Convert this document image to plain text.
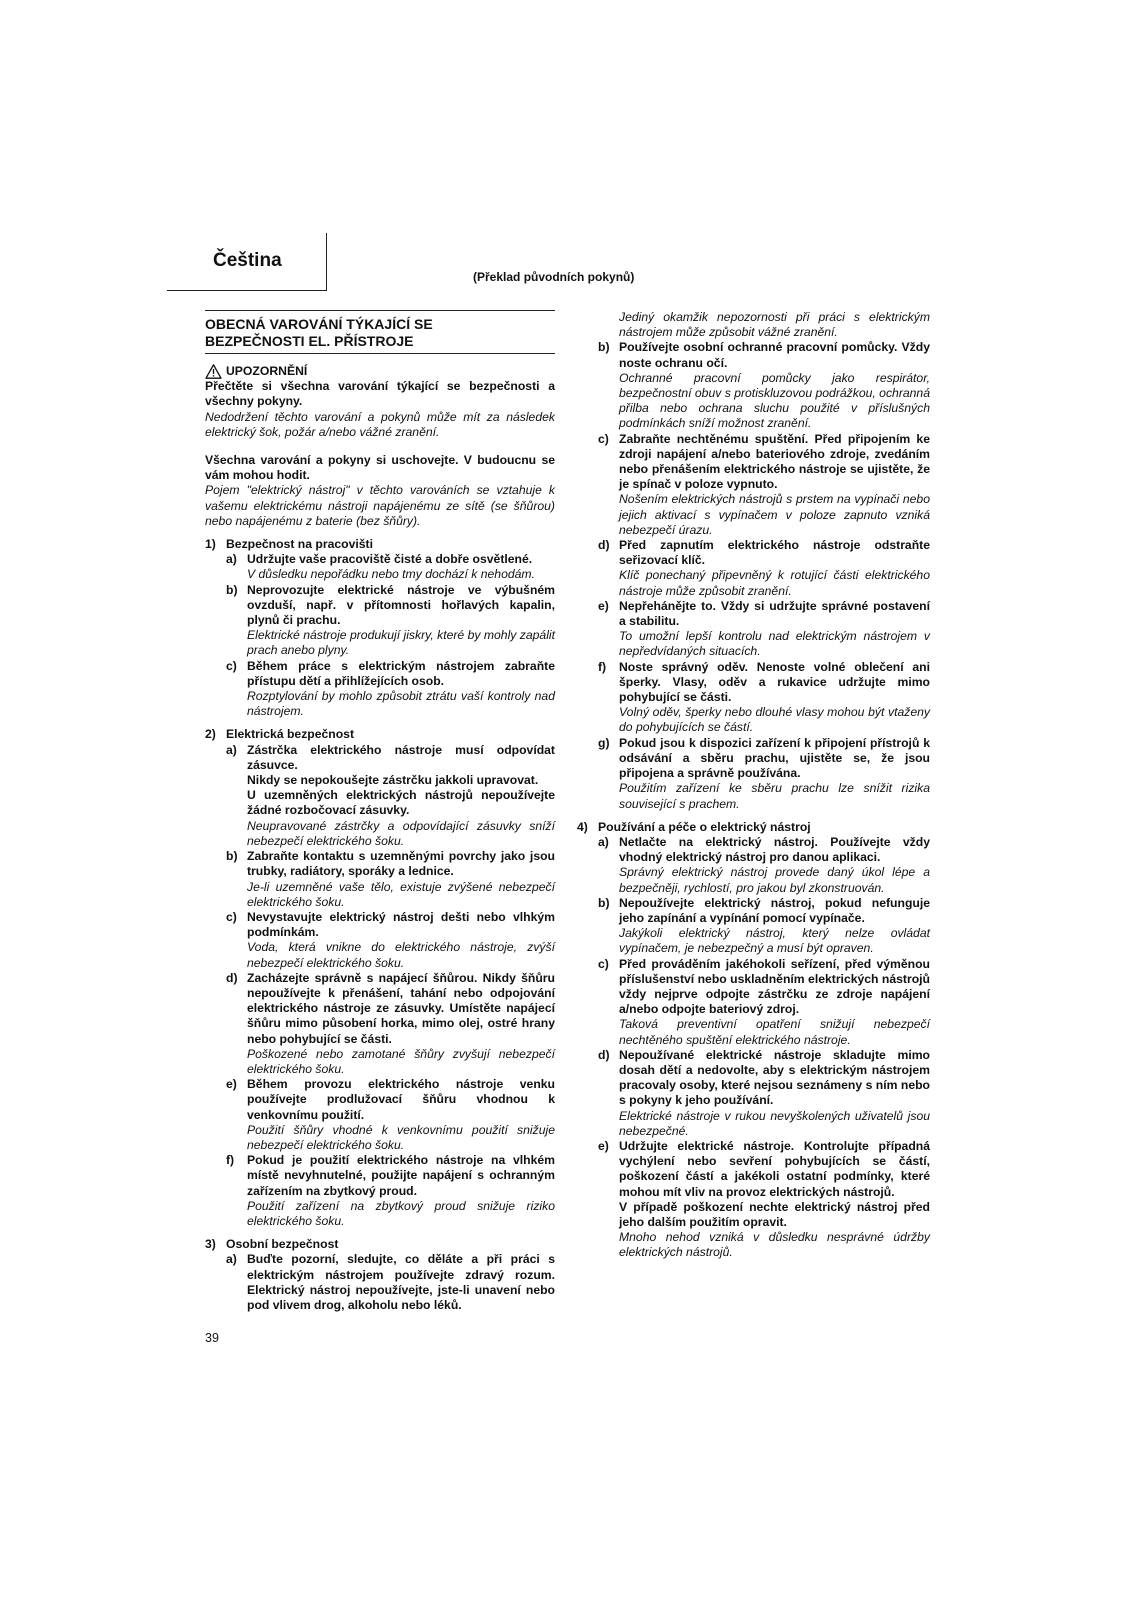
Čeština
(Překlad původních pokynů)
OBECNÁ VAROVÁNÍ TÝKAJÍCÍ SE
BEZPEČNOSTI EL. PŘÍSTROJE
UPOZORNĚNÍ
Přečtěte si všechna varování týkající se bezpečnosti a všechny pokyny.
Nedodržení těchto varování a pokynů může mít za následek elektrický šok, požár a/nebo vážné zranění.
Všechna varování a pokyny si uschovejte. V budoucnu se vám mohou hodit.
Pojem "elektrický nástroj" v těchto varováních se vztahuje k vašemu elektrickému nástroji napájenému ze sítě (se šňůrou) nebo napájenému z baterie (bez šňůry).
1) Bezpečnost na pracovišti
a) Udržujte vaše pracoviště čisté a dobře osvětlené.
V důsledku nepořádku nebo tmy dochází k nehodám.
b) Neprovozujte elektrické nástroje ve výbušném ovzduší, např. v přítomnosti hořlavých kapalin, plynů či prachu.
Elektrické nástroje produkují jiskry, které by mohly zapálit prach anebo plyny.
c) Během práce s elektrickým nástrojem zabraňte přístupu dětí a přihlížejících osob.
Rozptylování by mohlo způsobit ztrátu vaší kontroly nad nástrojem.
2) Elektrická bezpečnost
a) Zástrčka elektrického nástroje musí odpovídat zásuvce.
Nikdy se nepokoušejte zástrčku jakkoli upravovat.
U uzemněných elektrických nástrojů nepoužívejte žádné rozbočovací zásuvky.
Neupravované zástrčky a odpovídající zásuvky sníží nebezpečí elektrického šoku.
b) Zabraňte kontaktu s uzemněnými povrchy jako jsou trubky, radiátory, sporáky a lednice.
Je-li uzemněné vaše tělo, existuje zvýšené nebezpečí elektrického šoku.
c) Nevystavujte elektrický nástroj dešti nebo vlhkým podmínkám.
Voda, která vnikne do elektrického nástroje, zvýší nebezpečí elektrického šoku.
d) Zacházejte správně s napájecí šňůrou. Nikdy šňůru nepoužívejte k přenášení, tahání nebo odpojování elektrického nástroje ze zásuvky. Umístěte napájecí šňůru mimo působení horka, mimo olej, ostré hrany nebo pohybující se části.
Poškozené nebo zamotané šňůry zvyšují nebezpečí elektrického šoku.
e) Během provozu elektrického nástroje venku používejte prodlužovací šňůru vhodnou k venkovnímu použití.
Použití šňůry vhodné k venkovnímu použití snižuje nebezpečí elektrického šoku.
f)	Pokud je použití elektrického nástroje na vlhkém místě nevyhnutelné, použijte napájení s ochranným zařízením na zbytkový proud.
Použití zařízení na zbytkový proud snižuje riziko elektrického šoku.
3) Osobní bezpečnost
a) Buďte pozorní, sledujte, co děláte a při práci s elektrickým nástrojem používejte zdravý rozum. Elektrický nástroj nepoužívejte, jste-li unavení nebo pod vlivem drog, alkoholu nebo léků.
39
Jediný okamžik nepozornosti při práci s elektrickým nástrojem může způsobit vážné zranění.
b) Používejte osobní ochranné pracovní pomůcky. Vždy noste ochranu očí.
Ochranné pracovní pomůcky jako respirátor, bezpečnostní obuv s protiskluzovou podrážkou, ochranná přilba nebo ochrana sluchu použité v příslušných podmínkách sníží možnost zranění.
c) Zabraňte nechtěnému spuštění. Před připojením ke zdroji napájení a/nebo bateriového zdroje, zvedáním nebo přenášením elektrického nástroje se ujistěte, že je spínač v poloze vypnuto.
Nošením elektrických nástrojů s prstem na vypínači nebo jejich aktivací s vypínačem v poloze zapnuto vzniká nebezpečí úrazu.
d) Před zapnutím elektrického nástroje odstraňte seřizovací klíč.
Klíč ponechaný připevněný k rotující části elektrického nástroje může způsobit zranění.
e) Nepřehánějte to. Vždy si udržujte správné postavení a stabilitu.
To umožní lepší kontrolu nad elektrickým nástrojem v nepředvídaných situacích.
f)	Noste správný oděv. Nenoste volné oblečení ani šperky. Vlasy, oděv a rukavice udržujte mimo pohybující se části.
Volný oděv, šperky nebo dlouhé vlasy mohou být vtaženy do pohybujících se částí.
g) Pokud jsou k dispozici zařízení k připojení přístrojů k odsávání a sběru prachu, ujistěte se, že jsou připojena a správně používána.
Použitím zařízení ke sběru prachu lze snížit rizika související s prachem.
4) Používání a péče o elektrický nástroj
a) Netlačte na elektrický nástroj. Používejte vždy vhodný elektrický nástroj pro danou aplikaci.
Správný elektrický nástroj provede daný úkol lépe a bezpečněji, rychlostí, pro jakou byl zkonstruován.
b) Nepoužívejte elektrický nástroj, pokud nefunguje jeho zapínání a vypínání pomocí vypínače.
Jakýkoli elektrický nástroj, který nelze ovládat vypínačem, je nebezpečný a musí být opraven.
c) Před prováděním jakéhokoli seřízení, před výměnou příslušenství nebo uskladněním elektrických nástrojů vždy nejprve odpojte zástrčku ze zdroje napájení a/nebo odpojte bateriový zdroj.
Taková preventivní opatření snižují nebezpečí nechtěného spuštění elektrického nástroje.
d) Nepoužívané elektrické nástroje skladujte mimo dosah dětí a nedovolte, aby s elektrickým nástrojem pracovaly osoby, které nejsou seznámeny s ním nebo s pokyny k jeho používání.
Elektrické nástroje v rukou nevyškolených uživatelů jsou nebezpečné.
e) Udržujte elektrické nástroje. Kontrolujte případná vychýlení nebo sevření pohybujících se částí, poškození částí a jakékoli ostatní podmínky, které mohou mít vliv na provoz elektrických nástrojů.
V případě poškození nechte elektrický nástroj před jeho dalším použitím opravit.
Mnoho nehod vzniká v důsledku nesprávné údržby elektrických nástrojů.
